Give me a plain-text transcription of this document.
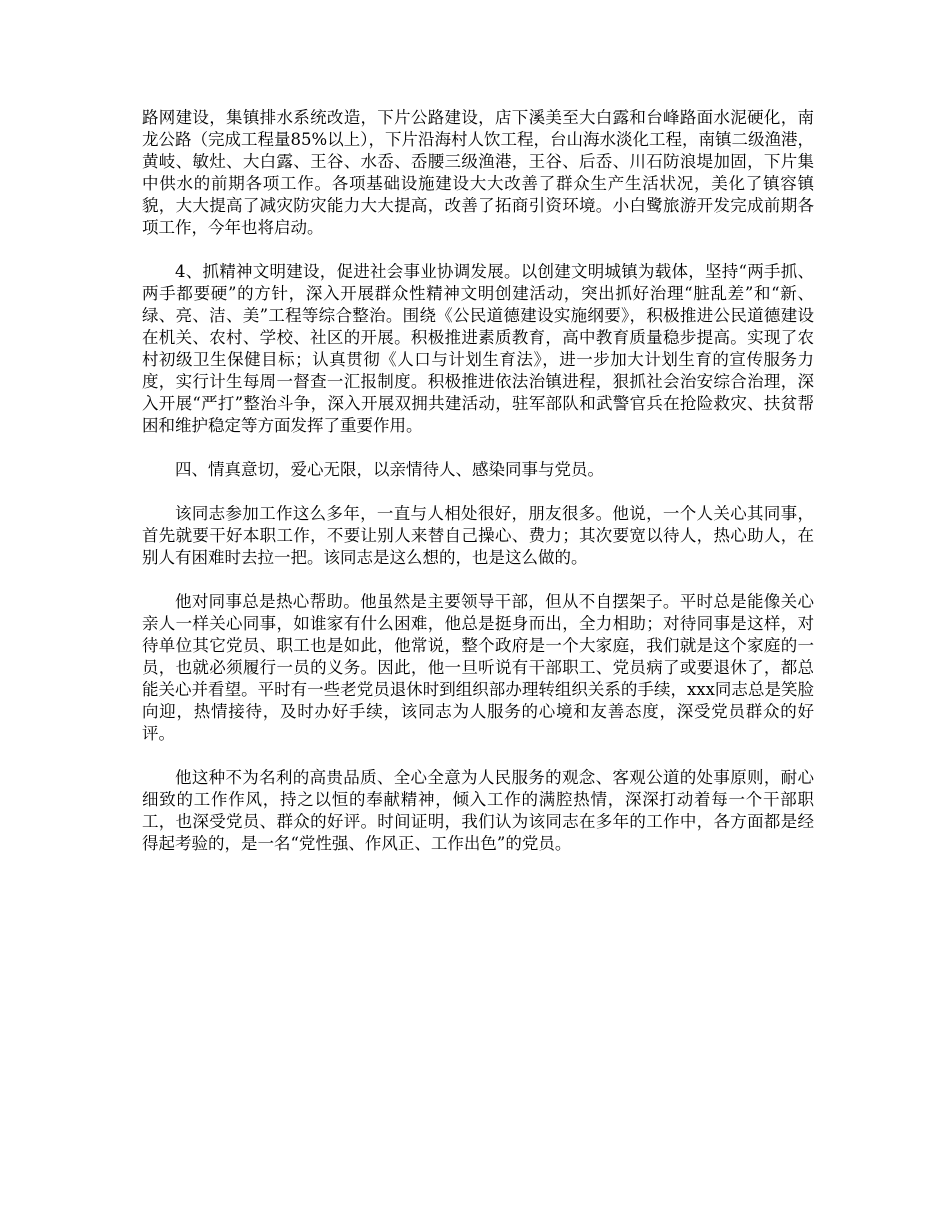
路网建设，集镇排水系统改造，下片公路建设，店下溪美至大白露和台峰路面水泥硬化，南龙公路（完成工程量85%以上），下片沿海村人饮工程，台山海水淡化工程，南镇二级渔港，黄岐、敏灶、大白露、王谷、水岙、岙腰三级渔港，王谷、后岙、川石防浪堤加固，下片集中供水的前期各项工作。各项基础设施建设大大改善了群众生产生活状况，美化了镇容镇貌，大大提高了减灾防灾能力大大提高，改善了拓商引资环境。小白鹭旅游开发完成前期各项工作，今年也将启动。

4、抓精神文明建设，促进社会事业协调发展。以创建文明城镇为载体，坚持“两手抓、两手都要硬”的方针，深入开展群众性精神文明创建活动，突出抓好治理“脏乱差”和“新、绿、亮、洁、美”工程等综合整治。围绕《公民道德建设实施纲要》，积极推进公民道德建设在机关、农村、学校、社区的开展。积极推进素质教育，高中教育质量稳步提高。实现了农村初级卫生保健目标；认真贯彻《人口与计划生育法》，进一步加大计划生育的宣传服务力度，实行计生每周一督查一汇报制度。积极推进依法治镇进程，狠抓社会治安综合治理，深入开展“严打”整治斗争，深入开展双拥共建活动，驻军部队和武警官兵在抢险救灾、扶贫帮困和维护稳定等方面发挥了重要作用。

四、情真意切，爱心无限，以亲情待人、感染同事与党员。

该同志参加工作这么多年，一直与人相处很好，朋友很多。他说，一个人关心其同事，首先就要干好本职工作，不要让别人来替自己操心、费力；其次要宽以待人，热心助人，在别人有困难时去拉一把。该同志是这么想的，也是这么做的。

他对同事总是热心帮助。他虽然是主要领导干部，但从不自摆架子。平时总是能像关心亲人一样关心同事，如谁家有什么困难，他总是挺身而出，全力相助；对待同事是这样，对待单位其它党员、职工也是如此，他常说，整个政府是一个大家庭，我们就是这个家庭的一员，也就必须履行一员的义务。因此，他一旦听说有干部职工、党员病了或要退休了，都总能关心并看望。平时有一些老党员退休时到组织部办理转组织关系的手续，xxx同志总是笑脸向迎，热情接待，及时办好手续，该同志为人服务的心境和友善态度，深受党员群众的好评。

他这种不为名利的高贵品质、全心全意为人民服务的观念、客观公道的处事原则，耐心细致的工作作风，持之以恒的奉献精神，倾入工作的满腔热情，深深打动着每一个干部职工，也深受党员、群众的好评。时间证明，我们认为该同志在多年的工作中，各方面都是经得起考验的，是一名“党性强、作风正、工作出色”的党员。
